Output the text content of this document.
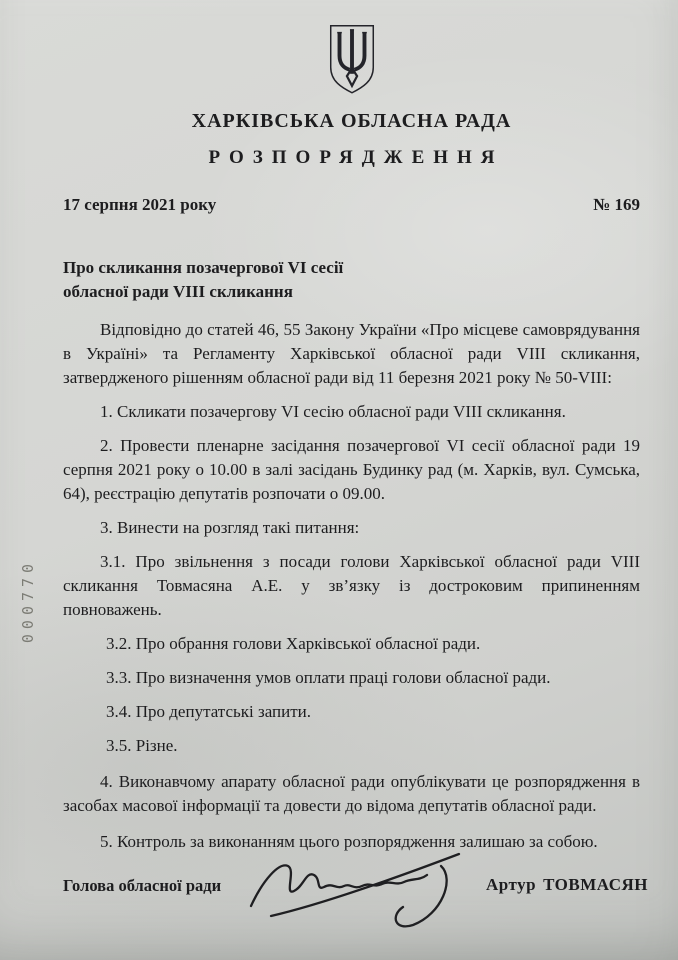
ХАРКІВСЬКА ОБЛАСНА РАДА
РОЗПОРЯДЖЕННЯ
17 серпня 2021 року	№ 169
Про скликання позачергової VI сесії
обласної ради VIII скликання

Відповідно до статей 46, 55 Закону України «Про місцеве самоврядування в Україні» та Регламенту Харківської обласної ради VIII скликання, затвердженого рішенням обласної ради від 11 березня 2021 року № 50-VIII:

1. Скликати позачергову VI сесію обласної ради VIII скликання.

2. Провести пленарне засідання позачергової VI сесії обласної ради 19 серпня 2021 року о 10.00 в залі засідань Будинку рад (м. Харків, вул. Сумська, 64), реєстрацію депутатів розпочати о 09.00.

3. Винести на розгляд такі питання:

3.1. Про звільнення з посади голови Харківської обласної ради VIII скликання Товмасяна А.Е. у зв’язку із достроковим припиненням повноважень.

3.2. Про обрання голови Харківської обласної ради.

3.3. Про визначення умов оплати праці голови обласної ради.

3.4. Про депутатські запити.

3.5. Різне.

4. Виконавчому апарату обласної ради опублікувати це розпорядження в засобах масової інформації та довести до відома депутатів обласної ради.

5. Контроль за виконанням цього розпорядження залишаю за собою.

000770
Голова обласної ради	Артур ТОВМАСЯН
